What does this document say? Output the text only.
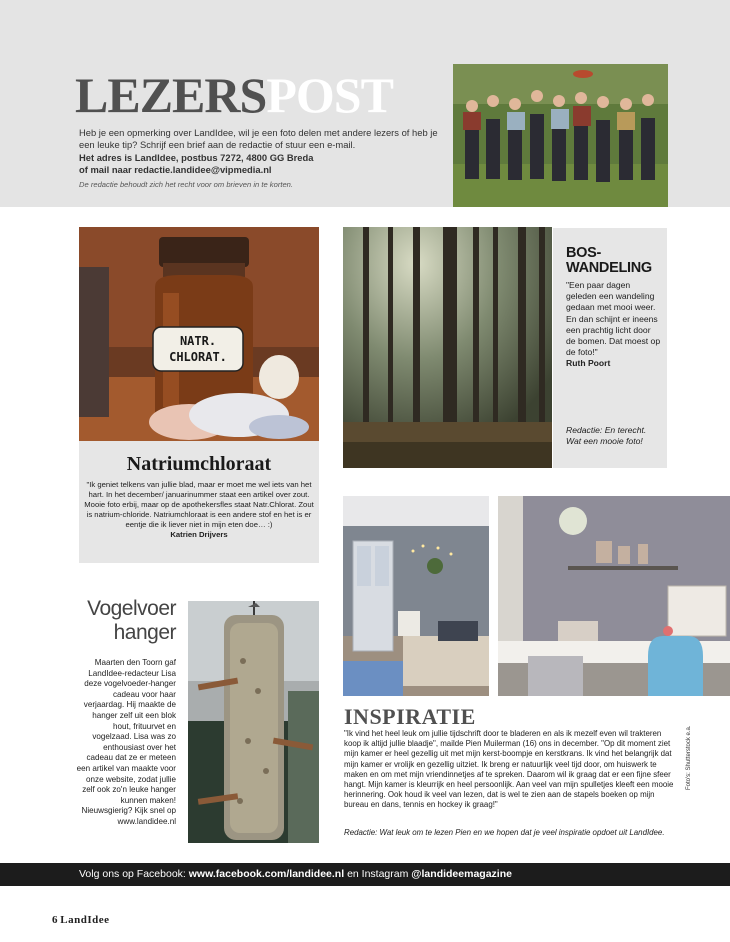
LEZERSPOST
Heb je een opmerking over LandIdee, wil je een foto delen met andere lezers of heb je een leuke tip? Schrijf een brief aan de redactie of stuur een e-mail.
Het adres is LandIdee, postbus 7272, 4800 GG Breda
of mail naar redactie.landidee@vipmedia.nl
De redactie behoudt zich het recht voor om brieven in te korten.
NATR.
CHLORAT.
Natriumchloraat
"Ik geniet telkens van jullie blad, maar er moet me wel iets van het hart. In het december/ januarinummer staat een artikel over zout. Mooie foto erbij, maar op de apothekersfles staat Natr.Chlorat. Zout is natrium-chloride. Natriumchloraat is een andere stof en het is er eentje die ik liever niet in mijn eten doe… :)
Katrien Drijvers
BOS-
WANDELING
"Een paar dagen geleden een wandeling gedaan met mooi weer. En dan schijnt er ineens een prachtig licht door de bomen. Dat moest op de foto!"
Ruth Poort
Redactie: En terecht. Wat een mooie foto!
Vogelvoer
hanger
Maarten den Toorn gaf LandIdee-redacteur Lisa deze vogelvoeder-hanger cadeau voor haar verjaardag. Hij maakte de hanger zelf uit een blok hout, frituurvet en vogelzaad. Lisa was zo enthousiast over het cadeau dat ze er meteen een artikel van maakte voor onze website, zodat jullie zelf ook zo'n leuke hanger kunnen maken! Nieuwsgierig? Kijk snel op www.landidee.nl
INSPIRATIE
"Ik vind het heel leuk om jullie tijdschrift door te bladeren en als ik mezelf even wil trakteren koop ik altijd jullie blaadje", mailde Pien Muilerman (16) ons in december. "Op dit moment ziet mijn kamer er heel gezellig uit met mijn kerst-boompje en kerstkrans. Ik vind het belangrijk dat mijn kamer er vrolijk en gezellig uitziet. Ik breng er natuurlijk veel tijd door, om huiswerk te maken en om met mijn vriendinnetjes af te spreken. Daarom wil ik graag dat er een fijne sfeer hangt. Mijn kamer is kleurrijk en heel persoonlijk. Aan veel van mijn spulletjes kleeft een mooie herinnering. Ook houd ik veel van lezen, dat is wel te zien aan de stapels boeken op mijn bureau en dans, tennis en hockey ik graag!"
Redactie: Wat leuk om te lezen Pien en we hopen dat je veel inspiratie opdoet uit LandIdee.
Foto's: Shutterstock e.a.
Volg ons op Facebook: www.facebook.com/landidee.nl en Instagram @landideemagazine
6 LandIdee
